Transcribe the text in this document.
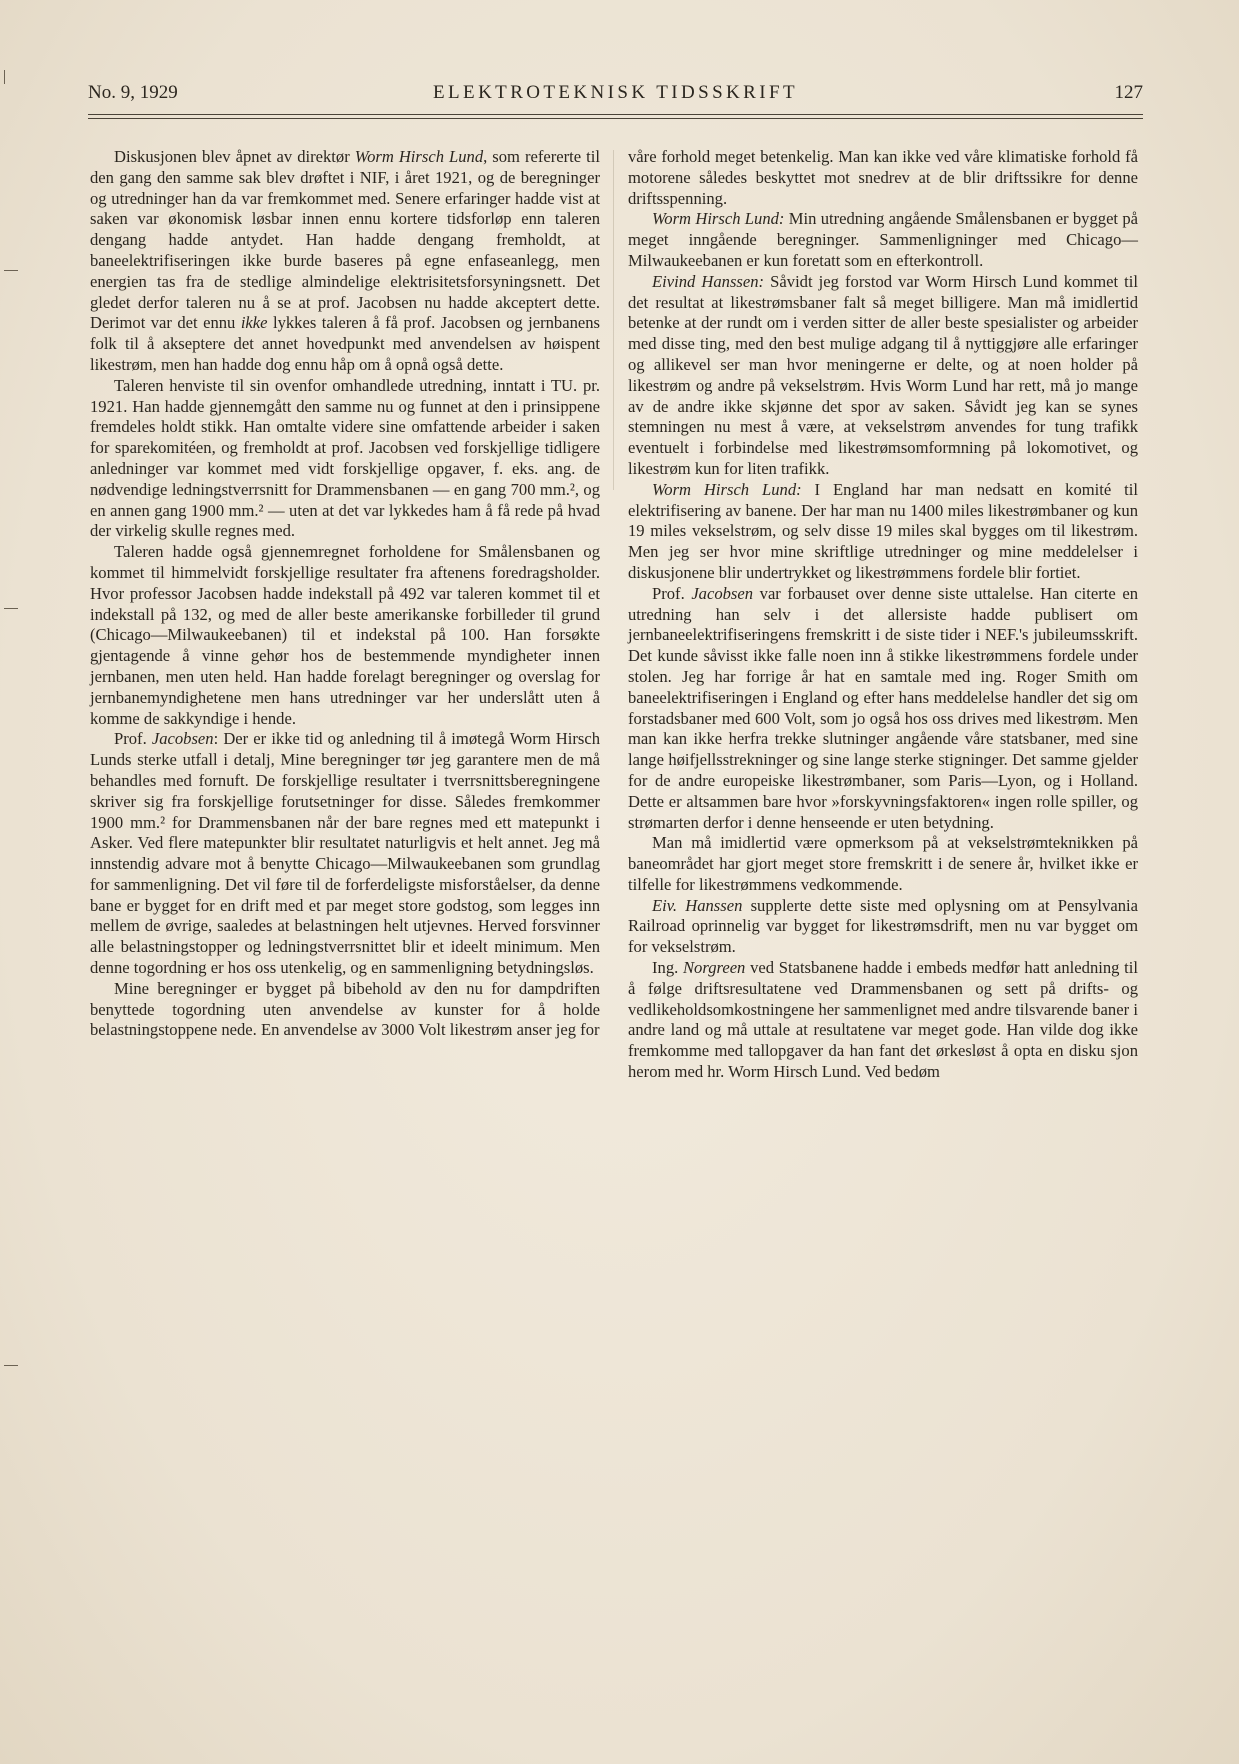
No. 9, 1929	ELEKTROTEKNISK TIDSSKRIFT	127

Diskusjonen blev åpnet av direktør Worm Hirsch Lund, som refererte til den gang den samme sak blev drøftet i NIF, i året 1921, og de beregninger og utredninger han da var fremkommet med. Senere erfaringer hadde vist at saken var økonomisk løsbar innen ennu kortere tidsforløp enn taleren dengang hadde antydet. Han hadde dengang fremholdt, at baneelektrifiseringen ikke burde baseres på egne enfaseanlegg, men energien tas fra de stedlige almindelige elektrisitetsforsyningsnett. Det gledet derfor taleren nu å se at prof. Jacobsen nu hadde akceptert dette. Derimot var det ennu ikke lykkes taleren å få prof. Jacobsen og jernbanens folk til å akseptere det annet hovedpunkt med anvendelsen av høispent likestrøm, men han hadde dog ennu håp om å opnå også dette.

Taleren henviste til sin ovenfor omhandlede utredning, inntatt i TU. pr. 1921. Han hadde gjennemgått den samme nu og funnet at den i prinsippene fremdeles holdt stikk. Han omtalte videre sine omfattende arbeider i saken for sparekomitéen, og fremholdt at prof. Jacobsen ved forskjellige tidligere anledninger var kommet med vidt forskjellige opgaver, f. eks. ang. de nødvendige ledningstverrsnitt for Drammensbanen — en gang 700 mm.², og en annen gang 1900 mm.² — uten at det var lykkedes ham å få rede på hvad der virkelig skulle regnes med.

Taleren hadde også gjennemregnet forholdene for Smålensbanen og kommet til himmelvidt forskjellige resultater fra aftenens foredragsholder. Hvor professor Jacobsen hadde indekstall på 492 var taleren kommet til et indekstall på 132, og med de aller beste amerikanske forbilleder til grund (Chicago—Milwaukeebanen) til et indekstal på 100. Han forsøkte gjentagende å vinne gehør hos de bestemmende myndigheter innen jernbanen, men uten held. Han hadde forelagt beregninger og overslag for jernbanemyndighetene men hans utredninger var her underslått uten å komme de sakkyndige i hende.

Prof. Jacobsen: Der er ikke tid og anledning til å imøtegå Worm Hirsch Lunds sterke utfall i detalj, Mine beregninger tør jeg garantere men de må behandles med fornuft. De forskjellige resultater i tverrsnittsberegningene skriver sig fra forskjellige forutsetninger for disse. Således fremkommer 1900 mm.² for Drammensbanen når der bare regnes med ett matepunkt i Asker. Ved flere matepunkter blir resultatet naturligvis et helt annet. Jeg må innstendig advare mot å benytte Chicago—Milwaukeebanen som grundlag for sammenligning. Det vil føre til de forferdeligste misforståelser, da denne bane er bygget for en drift med et par meget store godstog, som legges inn mellem de øvrige, saaledes at belastningen helt utjevnes. Herved forsvinner alle belastningstopper og ledningstverrsnittet blir et ideelt minimum. Men denne togordning er hos oss utenkelig, og en sammenligning betydningsløs.

Mine beregninger er bygget på bibehold av den nu for dampdriften benyttede togordning uten anvendelse av kunster for å holde belastningstoppene nede. En anvendelse av 3000 Volt likestrøm anser jeg for

våre forhold meget betenkelig. Man kan ikke ved våre klimatiske forhold få motorene således beskyttet mot snedrev at de blir driftssikre for denne driftsspenning.

Worm Hirsch Lund: Min utredning angående Smålensbanen er bygget på meget inngående beregninger. Sammenligninger med Chicago—Milwaukeebanen er kun foretatt som en efterkontroll.

Eivind Hanssen: Såvidt jeg forstod var Worm Hirsch Lund kommet til det resultat at likestrømsbaner falt så meget billigere. Man må imidlertid betenke at der rundt om i verden sitter de aller beste spesialister og arbeider med disse ting, med den best mulige adgang til å nyttiggjøre alle erfaringer og allikevel ser man hvor meningerne er delte, og at noen holder på likestrøm og andre på vekselstrøm. Hvis Worm Lund har rett, må jo mange av de andre ikke skjønne det spor av saken. Såvidt jeg kan se synes stemningen nu mest å være, at vekselstrøm anvendes for tung trafikk eventuelt i forbindelse med likestrømsomformning på lokomotivet, og likestrøm kun for liten trafikk.

Worm Hirsch Lund: I England har man nedsatt en komité til elektrifisering av banene. Der har man nu 1400 miles likestrømbaner og kun 19 miles vekselstrøm, og selv disse 19 miles skal bygges om til likestrøm. Men jeg ser hvor mine skriftlige utredninger og mine meddelelser i diskusjonene blir undertrykket og likestrømmens fordele blir fortiet.

Prof. Jacobsen var forbauset over denne siste uttalelse. Han citerte en utredning han selv i det allersiste hadde publisert om jernbaneelektrifiseringens fremskritt i de siste tider i NEF.'s jubileumsskrift. Det kunde såvisst ikke falle noen inn å stikke likestrømmens fordele under stolen. Jeg har forrige år hat en samtale med ing. Roger Smith om baneelektrifiseringen i England og efter hans meddelelse handler det sig om forstadsbaner med 600 Volt, som jo også hos oss drives med likestrøm. Men man kan ikke herfra trekke slutninger angående våre statsbaner, med sine lange høifjellsstrekninger og sine lange sterke stigninger. Det samme gjelder for de andre europeiske likestrømbaner, som Paris—Lyon, og i Holland. Dette er altsammen bare hvor »forskyvningsfaktoren« ingen rolle spiller, og strømarten derfor i denne henseende er uten betydning.

Man må imidlertid være opmerksom på at vekselstrømteknikken på baneområdet har gjort meget store fremskritt i de senere år, hvilket ikke er tilfelle for likestrømmens vedkommende.

Eiv. Hanssen supplerte dette siste med oplysning om at Pensylvania Railroad oprinnelig var bygget for likestrømsdrift, men nu var bygget om for vekselstrøm.

Ing. Norgreen ved Statsbanene hadde i embeds medfør hatt anledning til å følge driftsresultatene ved Drammensbanen og sett på drifts- og vedlikeholdsomkostningene her sammenlignet med andre tilsvarende baner i andre land og må uttale at resultatene var meget gode. Han vilde dog ikke fremkomme med tallopgaver da han fant det ørkesløst å opta en disku sjon herom med hr. Worm Hirsch Lund. Ved bedøm
